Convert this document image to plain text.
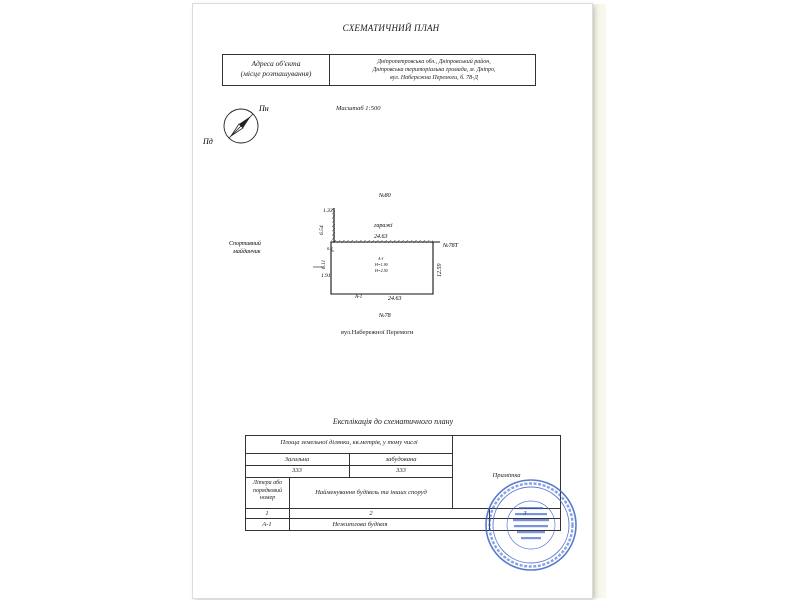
СХЕМАТИЧНИЙ ПЛАН
Адреса об'єкта
(місце розташування)
Дніпропетровська обл., Дніпровський район,
Дніпровська територіальна громада, м. Дніпро,
вул. Набережна Перемоги, б. 78-Д
Масштаб 1:500
Пн
Пд
№80
гаражі
24.63
№78Т
1.33
6.54
6.11
1.91
0.2
12.59
24.63
А-1
№78
Спортивний
майданчик
А-1
Н=1.90
Н=2.50
вул.Набережної Перемоги
Експлікація до схематичного плану
Площа земельної ділянки, кв.метрів, у тому числі
Загальна	забудована
333	333
Примітка
Літера або порядковий номер
Найменування будівель та інших споруд
1	2
А-1	Нежитлова будівля
